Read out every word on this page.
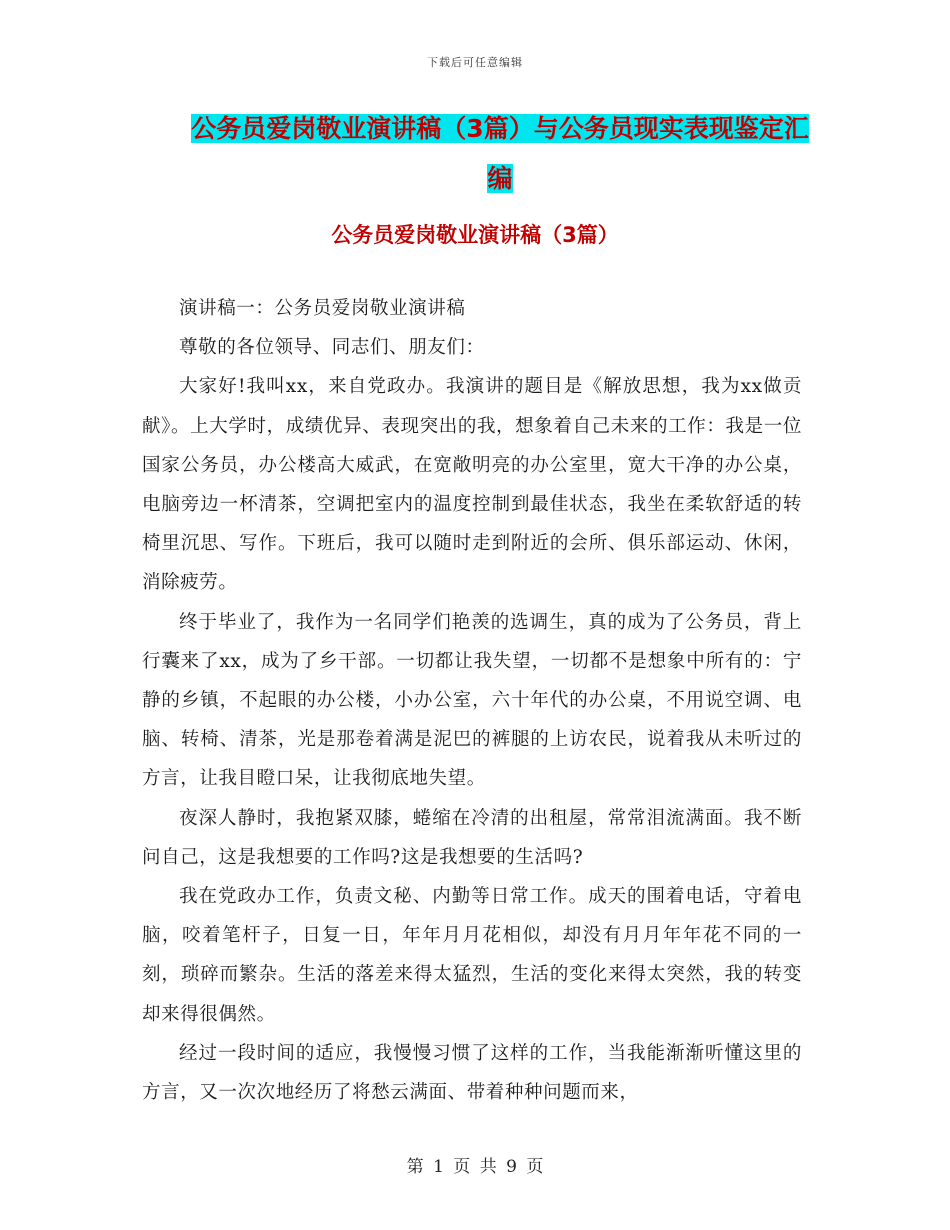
下载后可任意编辑
公务员爱岗敬业演讲稿（3篇）与公务员现实表现鉴定汇编
公务员爱岗敬业演讲稿（3篇）

演讲稿一：公务员爱岗敬业演讲稿

尊敬的各位领导、同志们、朋友们：

大家好!我叫xx，来自党政办。我演讲的题目是《解放思想，我为xx做贡献》。上大学时，成绩优异、表现突出的我，想象着自己未来的工作：我是一位国家公务员，办公楼高大威武，在宽敞明亮的办公室里，宽大干净的办公桌，电脑旁边一杯清茶，空调把室内的温度控制到最佳状态，我坐在柔软舒适的转椅里沉思、写作。下班后，我可以随时走到附近的会所、俱乐部运动、休闲，消除疲劳。

终于毕业了，我作为一名同学们艳羡的选调生，真的成为了公务员，背上行囊来了xx，成为了乡干部。一切都让我失望，一切都不是想象中所有的：宁静的乡镇，不起眼的办公楼，小办公室，六十年代的办公桌，不用说空调、电脑、转椅、清茶，光是那卷着满是泥巴的裤腿的上访农民，说着我从未听过的方言，让我目瞪口呆，让我彻底地失望。

夜深人静时，我抱紧双膝，蜷缩在冷清的出租屋，常常泪流满面。我不断问自己，这是我想要的工作吗?这是我想要的生活吗?

我在党政办工作，负责文秘、内勤等日常工作。成天的围着电话，守着电脑，咬着笔杆子，日复一日，年年月月花相似，却没有月月年年花不同的一刻，琐碎而繁杂。生活的落差来得太猛烈，生活的变化来得太突然，我的转变却来得很偶然。

经过一段时间的适应，我慢慢习惯了这样的工作，当我能渐渐听懂这里的方言，又一次次地经历了将愁云满面、带着种种问题而来，

第 1 页 共 9 页
